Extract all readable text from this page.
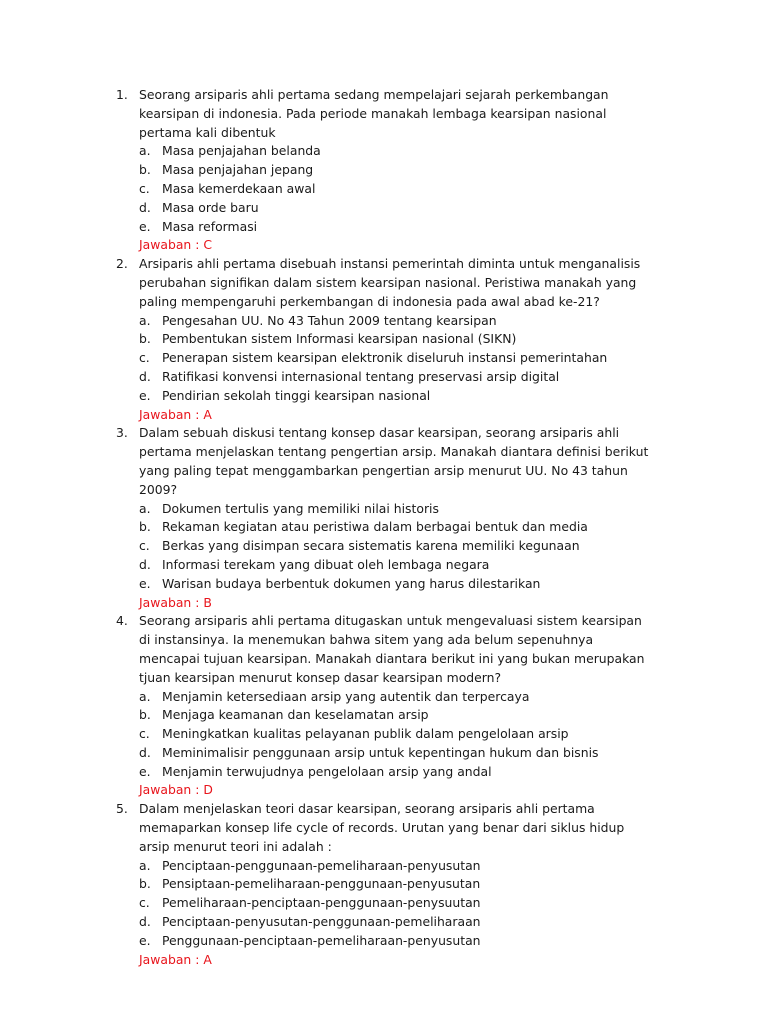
1. Seorang arsiparis ahli pertama sedang mempelajari sejarah perkembangan kearsipan di indonesia. Pada periode manakah lembaga kearsipan nasional pertama kali dibentuk
a. Masa penjajahan belanda
b. Masa penjajahan jepang
c. Masa kemerdekaan awal
d. Masa orde baru
e. Masa reformasi
Jawaban : C
2. Arsiparis ahli pertama disebuah instansi pemerintah diminta untuk menganalisis perubahan signifikan dalam sistem kearsipan nasional. Peristiwa manakah yang paling mempengaruhi perkembangan di indonesia pada awal abad ke-21?
a. Pengesahan UU. No 43 Tahun 2009 tentang kearsipan
b. Pembentukan sistem Informasi kearsipan nasional (SIKN)
c. Penerapan sistem kearsipan elektronik diseluruh instansi pemerintahan
d. Ratifikasi konvensi internasional tentang preservasi arsip digital
e. Pendirian sekolah tinggi kearsipan nasional
Jawaban : A
3. Dalam sebuah diskusi tentang konsep dasar kearsipan, seorang arsiparis ahli pertama menjelaskan tentang pengertian arsip. Manakah diantara definisi berikut yang paling tepat menggambarkan pengertian arsip menurut UU. No 43 tahun 2009?
a. Dokumen tertulis yang memiliki nilai historis
b. Rekaman kegiatan atau peristiwa dalam berbagai bentuk dan media
c. Berkas yang disimpan secara sistematis karena memiliki kegunaan
d. Informasi terekam yang dibuat oleh lembaga negara
e. Warisan budaya berbentuk dokumen yang harus dilestarikan
Jawaban : B
4. Seorang arsiparis ahli pertama ditugaskan untuk mengevaluasi sistem kearsipan di instansinya. Ia menemukan bahwa sitem yang ada belum sepenuhnya mencapai tujuan kearsipan. Manakah diantara berikut ini yang bukan merupakan tjuan kearsipan menurut konsep dasar kearsipan modern?
a. Menjamin ketersediaan arsip yang autentik dan terpercaya
b. Menjaga keamanan dan keselamatan arsip
c. Meningkatkan kualitas pelayanan publik dalam pengelolaan arsip
d. Meminimalisir penggunaan arsip untuk kepentingan hukum dan bisnis
e. Menjamin terwujudnya pengelolaan arsip yang andal
Jawaban : D
5. Dalam menjelaskan teori dasar kearsipan, seorang arsiparis ahli pertama memaparkan konsep life cycle of records. Urutan yang benar dari siklus hidup arsip menurut teori ini adalah :
a. Penciptaan-penggunaan-pemeliharaan-penyusutan
b. Pensiptaan-pemeliharaan-penggunaan-penyusutan
c. Pemeliharaan-penciptaan-penggunaan-penysuutan
d. Penciptaan-penyusutan-penggunaan-pemeliharaan
e. Penggunaan-penciptaan-pemeliharaan-penyusutan
Jawaban : A
